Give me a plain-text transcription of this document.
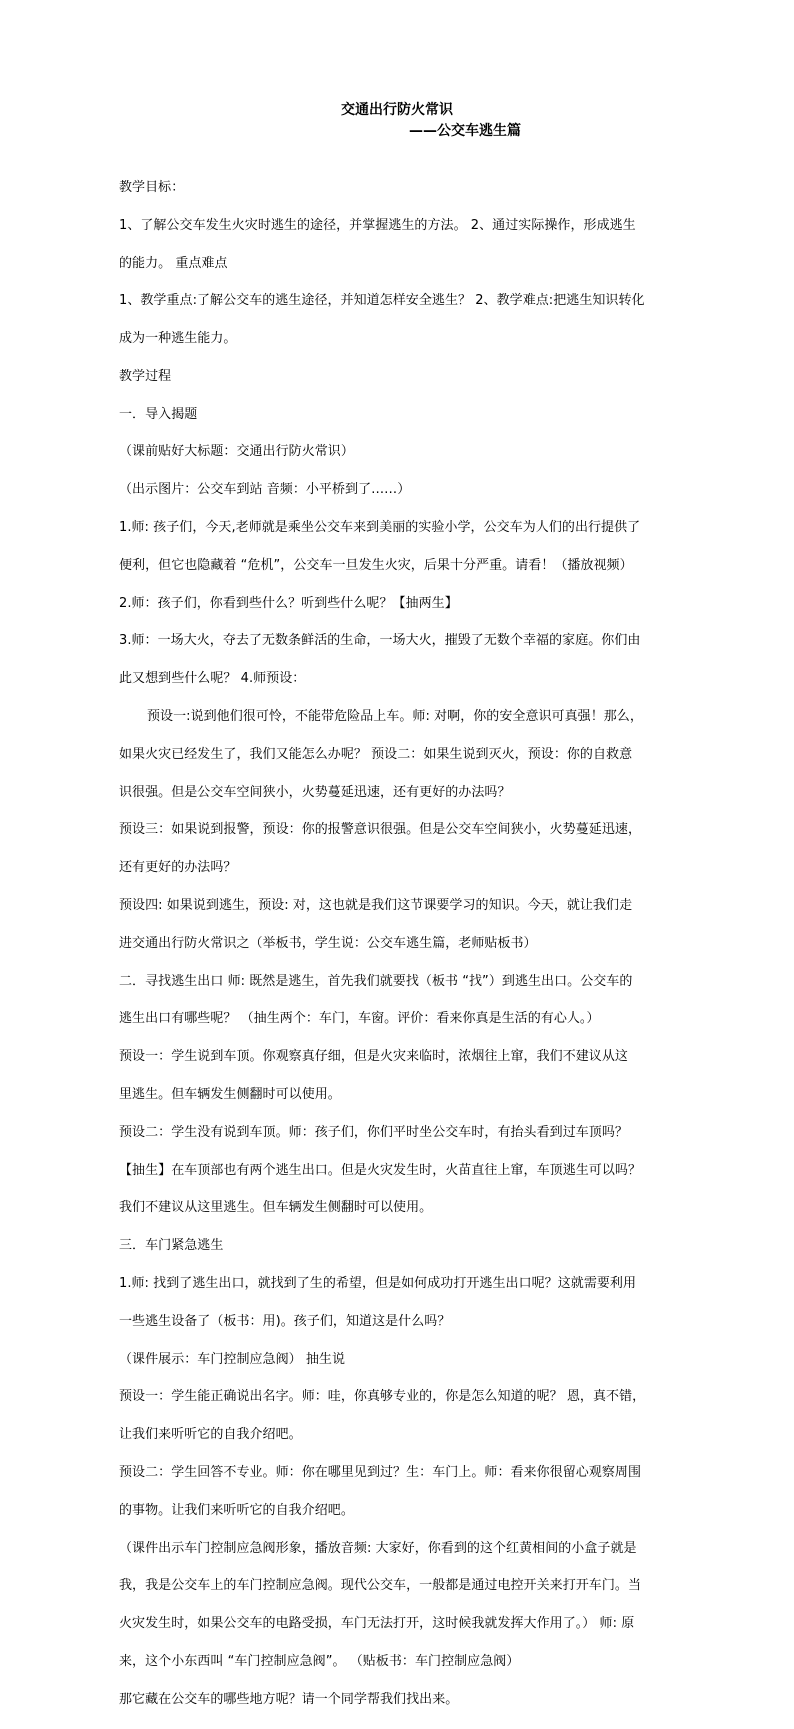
交通出行防火常识
——公交车逃生篇

教学目标：

1、了解公交车发生火灾时逃生的途径，并掌握逃生的方法。 2、通过实际操作，形成逃生

的能力。 重点难点

1、教学重点:了解公交车的逃生途径，并知道怎样安全逃生？ 2、教学难点:把逃生知识转化

成为一种逃生能力。

教学过程

一．导入揭题

（课前贴好大标题：交通出行防火常识）

（出示图片：公交车到站 音频：小平桥到了……）

1.师: 孩子们，今天,老师就是乘坐公交车来到美丽的实验小学，公交车为人们的出行提供了

便利，但它也隐藏着 “危机”，公交车一旦发生火灾，后果十分严重。请看！（播放视频）

2.师：孩子们，你看到些什么？听到些什么呢？【抽两生】

3.师：一场大火，夺去了无数条鲜活的生命，一场大火，摧毁了无数个幸福的家庭。你们由

此又想到些什么呢？ 4.师预设：

预设一:说到他们很可怜，不能带危险品上车。师: 对啊，你的安全意识可真强！那么，

如果火灾已经发生了，我们又能怎么办呢？ 预设二：如果生说到灭火，预设：你的自救意

识很强。但是公交车空间狭小，火势蔓延迅速，还有更好的办法吗？

预设三：如果说到报警，预设：你的报警意识很强。但是公交车空间狭小，火势蔓延迅速，

还有更好的办法吗？

预设四: 如果说到逃生，预设: 对，这也就是我们这节课要学习的知识。今天，就让我们走

进交通出行防火常识之（举板书，学生说：公交车逃生篇，老师贴板书）

二．寻找逃生出口 师: 既然是逃生，首先我们就要找（板书 “找”）到逃生出口。公交车的

逃生出口有哪些呢？ （抽生两个：车门，车窗。评价：看来你真是生活的有心人。）

预设一：学生说到车顶。你观察真仔细，但是火灾来临时，浓烟往上窜，我们不建议从这

里逃生。但车辆发生侧翻时可以使用。

预设二：学生没有说到车顶。师：孩子们，你们平时坐公交车时，有抬头看到过车顶吗？

【抽生】在车顶部也有两个逃生出口。但是火灾发生时，火苗直往上窜，车顶逃生可以吗？

我们不建议从这里逃生。但车辆发生侧翻时可以使用。

三．车门紧急逃生

1.师: 找到了逃生出口，就找到了生的希望，但是如何成功打开逃生出口呢？这就需要利用

一些逃生设备了（板书：用)。孩子们，知道这是什么吗？

（课件展示：车门控制应急阀） 抽生说

预设一：学生能正确说出名字。师：哇，你真够专业的，你是怎么知道的呢？ 恩，真不错，

让我们来听听它的自我介绍吧。

预设二：学生回答不专业。师：你在哪里见到过？生：车门上。师：看来你很留心观察周围

的事物。让我们来听听它的自我介绍吧。

（课件出示车门控制应急阀形象，播放音频: 大家好，你看到的这个红黄相间的小盒子就是

我，我是公交车上的车门控制应急阀。现代公交车，一般都是通过电控开关来打开车门。当

火灾发生时，如果公交车的电路受损，车门无法打开，这时候我就发挥大作用了。） 师: 原

来，这个小东西叫 “车门控制应急阀”。 （贴板书：车门控制应急阀）

那它藏在公交车的哪些地方呢？请一个同学帮我们找出来。
